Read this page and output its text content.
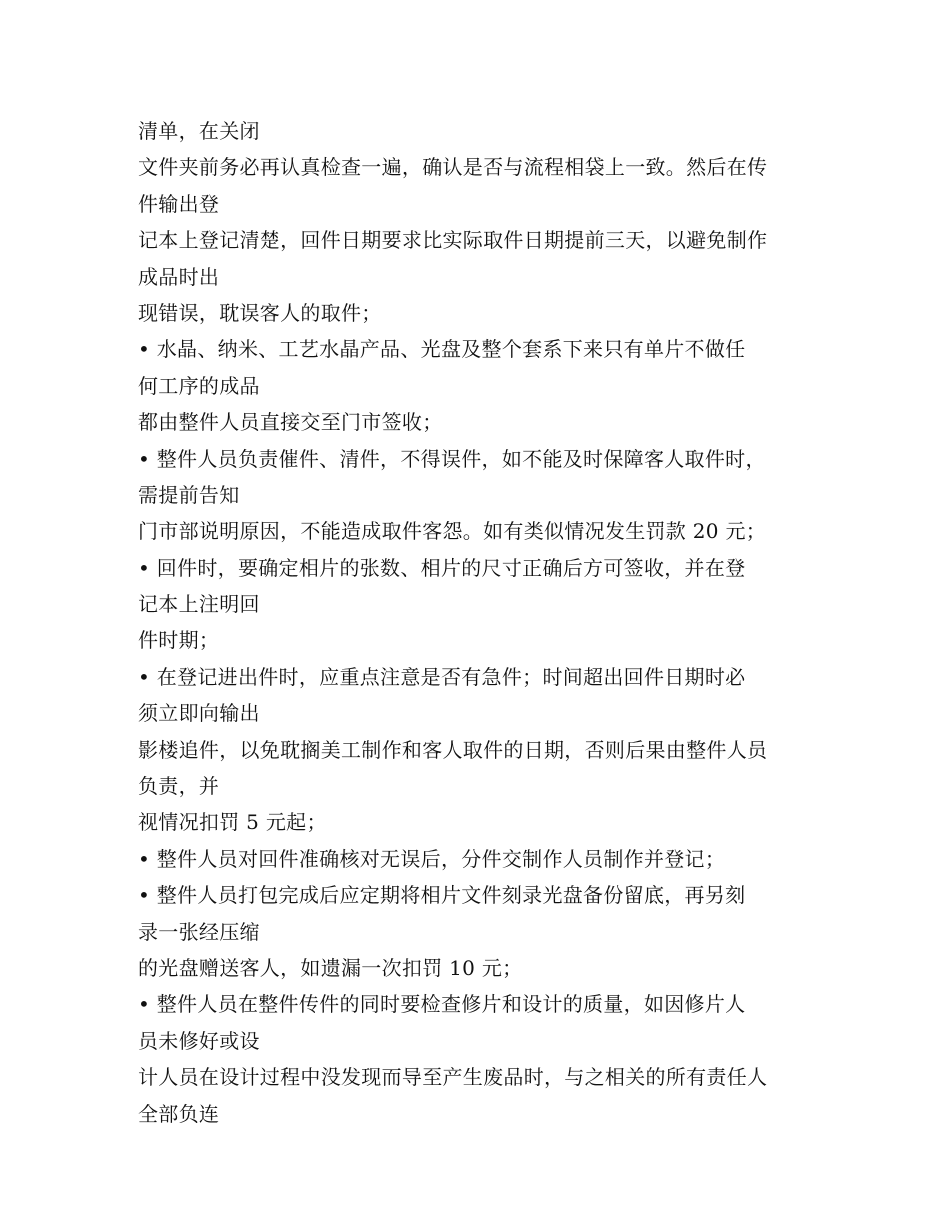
清单，在关闭
文件夹前务必再认真检查一遍，确认是否与流程相袋上一致。然后在传
件输出登
记本上登记清楚，回件日期要求比实际取件日期提前三天，以避免制作
成品时出
现错误，耽误客人的取件；
• 水晶、纳米、工艺水晶产品、光盘及整个套系下来只有单片不做任
何工序的成品
都由整件人员直接交至门市签收；
• 整件人员负责催件、清件，不得误件，如不能及时保障客人取件时，
需提前告知
门市部说明原因，不能造成取件客怨。如有类似情况发生罚款 20 元；
• 回件时，要确定相片的张数、相片的尺寸正确后方可签收，并在登
记本上注明回
件时期；
• 在登记进出件时，应重点注意是否有急件；时间超出回件日期时必
须立即向输出
影楼追件，以免耽搁美工制作和客人取件的日期，否则后果由整件人员
负责，并
视情况扣罚 5 元起；
• 整件人员对回件准确核对无误后，分件交制作人员制作并登记；
• 整件人员打包完成后应定期将相片文件刻录光盘备份留底，再另刻
录一张经压缩
的光盘赠送客人，如遗漏一次扣罚 10 元；
• 整件人员在整件传件的同时要检查修片和设计的质量，如因修片人
员未修好或设
计人员在设计过程中没发现而导至产生废品时，与之相关的所有责任人
全部负连
